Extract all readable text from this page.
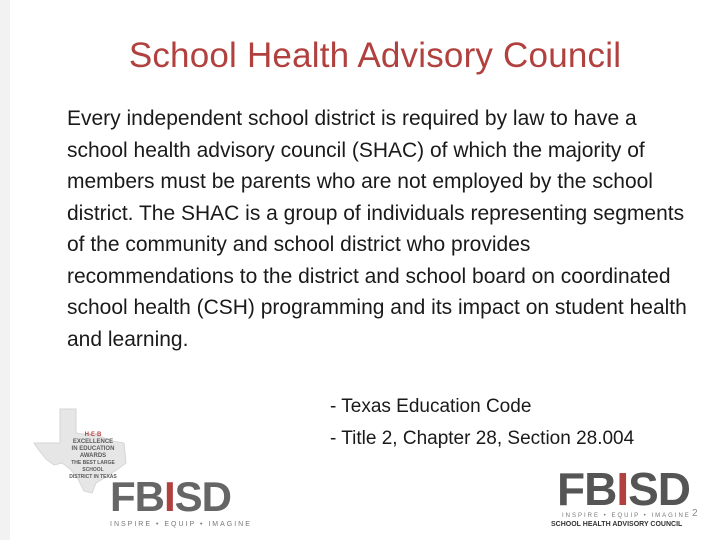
School Health Advisory Council
Every independent school district is required by law to have a school health advisory council (SHAC) of which the majority of members must be parents who are not employed by the school district. The SHAC is a group of individuals representing segments of the community and school district who provides recommendations to the district and school board on coordinated school health (CSH) programming and its impact on student health and learning.
- Texas Education Code
- Title 2, Chapter 28, Section 28.004
H-E-B
EXCELLENCE
IN EDUCATION
AWARDS
THE BEST LARGE SCHOOL
DISTRICT IN TEXAS
FBISD
INSPIRE • EQUIP • IMAGINE
FBISD
INSPIRE • EQUIP • IMAGINE
SCHOOL HEALTH ADVISORY COUNCIL
2
